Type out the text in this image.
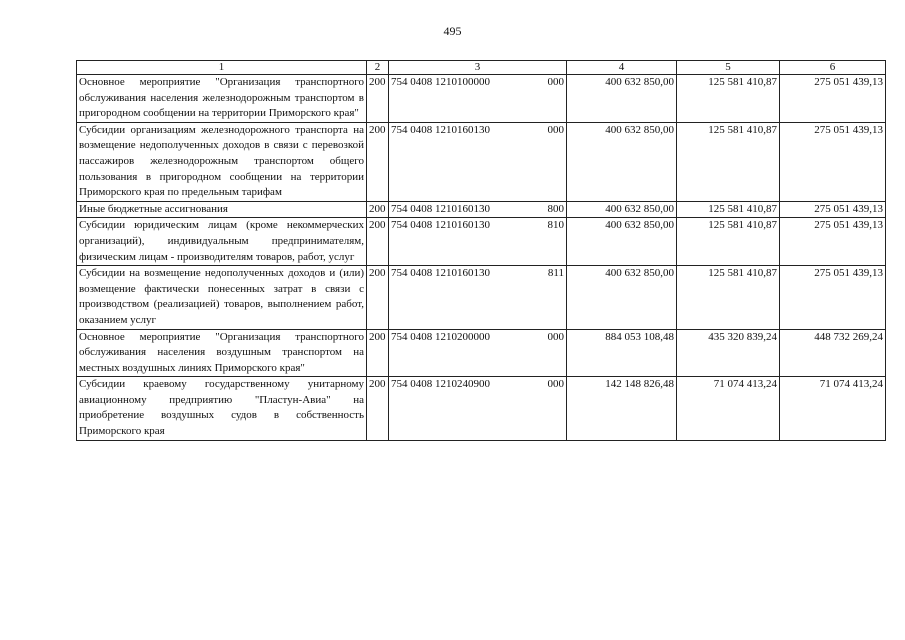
495
1	2	3	4	5	6
Основное мероприятие "Организация транспортного обслуживания населения железнодорожным транспортом в пригородном сообщении на территории Приморского края"	200	754 0408 1210100000 000	400 632 850,00	125 581 410,87	275 051 439,13
Субсидии организациям железнодорожного транспорта на возмещение недополученных доходов в связи с перевозкой пассажиров железнодорожным транспортом общего пользования в пригородном сообщении на территории Приморского края по предельным тарифам	200	754 0408 1210160130 000	400 632 850,00	125 581 410,87	275 051 439,13
Иные бюджетные ассигнования	200	754 0408 1210160130 800	400 632 850,00	125 581 410,87	275 051 439,13
Субсидии юридическим лицам (кроме некоммерческих организаций), индивидуальным предпринимателям, физическим лицам - производителям товаров, работ, услуг	200	754 0408 1210160130 810	400 632 850,00	125 581 410,87	275 051 439,13
Субсидии на возмещение недополученных доходов и (или) возмещение фактически понесенных затрат в связи с производством (реализацией) товаров, выполнением работ, оказанием услуг	200	754 0408 1210160130 811	400 632 850,00	125 581 410,87	275 051 439,13
Основное мероприятие "Организация транспортного обслуживания населения воздушным транспортом на местных воздушных линиях Приморского края"	200	754 0408 1210200000 000	884 053 108,48	435 320 839,24	448 732 269,24
Субсидии краевому государственному унитарному авиационному предприятию "Пластун-Авиа" на приобретение воздушных судов в собственность Приморского края	200	754 0408 1210240900 000	142 148 826,48	71 074 413,24	71 074 413,24
